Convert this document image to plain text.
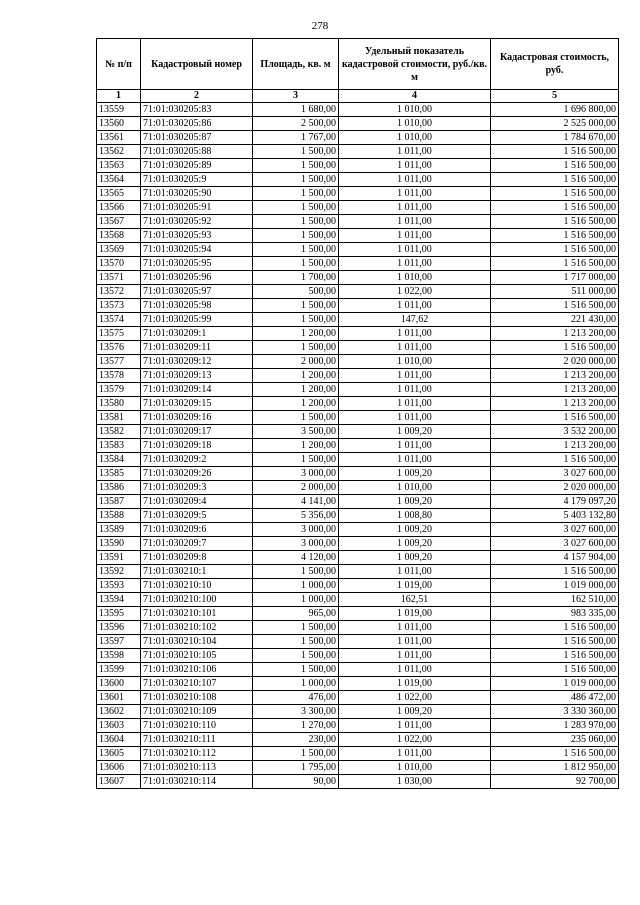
278
№ п/п	Кадастровый номер	Площадь, кв. м	Удельный показатель кадастровой стоимости, руб./кв. м	Кадастровая стоимость, руб.
1	2	3	4	5
13559	71:01:030205:83	1 680,00	1 010,00	1 696 800,00
13560	71:01:030205:86	2 500,00	1 010,00	2 525 000,00
13561	71:01:030205:87	1 767,00	1 010,00	1 784 670,00
13562	71:01:030205:88	1 500,00	1 011,00	1 516 500,00
13563	71:01:030205:89	1 500,00	1 011,00	1 516 500,00
13564	71:01:030205:9	1 500,00	1 011,00	1 516 500,00
13565	71:01:030205:90	1 500,00	1 011,00	1 516 500,00
13566	71:01:030205:91	1 500,00	1 011,00	1 516 500,00
13567	71:01:030205:92	1 500,00	1 011,00	1 516 500,00
13568	71:01:030205:93	1 500,00	1 011,00	1 516 500,00
13569	71:01:030205:94	1 500,00	1 011,00	1 516 500,00
13570	71:01:030205:95	1 500,00	1 011,00	1 516 500,00
13571	71:01:030205:96	1 700,00	1 010,00	1 717 000,00
13572	71:01:030205:97	500,00	1 022,00	511 000,00
13573	71:01:030205:98	1 500,00	1 011,00	1 516 500,00
13574	71:01:030205:99	1 500,00	147,62	221 430,00
13575	71:01:030209:1	1 200,00	1 011,00	1 213 200,00
13576	71:01:030209:11	1 500,00	1 011,00	1 516 500,00
13577	71:01:030209:12	2 000,00	1 010,00	2 020 000,00
13578	71:01:030209:13	1 200,00	1 011,00	1 213 200,00
13579	71:01:030209:14	1 200,00	1 011,00	1 213 200,00
13580	71:01:030209:15	1 200,00	1 011,00	1 213 200,00
13581	71:01:030209:16	1 500,00	1 011,00	1 516 500,00
13582	71:01:030209:17	3 500,00	1 009,20	3 532 200,00
13583	71:01:030209:18	1 200,00	1 011,00	1 213 200,00
13584	71:01:030209:2	1 500,00	1 011,00	1 516 500,00
13585	71:01:030209:26	3 000,00	1 009,20	3 027 600,00
13586	71:01:030209:3	2 000,00	1 010,00	2 020 000,00
13587	71:01:030209:4	4 141,00	1 009,20	4 179 097,20
13588	71:01:030209:5	5 356,00	1 008,80	5 403 132,80
13589	71:01:030209:6	3 000,00	1 009,20	3 027 600,00
13590	71:01:030209:7	3 000,00	1 009,20	3 027 600,00
13591	71:01:030209:8	4 120,00	1 009,20	4 157 904,00
13592	71:01:030210:1	1 500,00	1 011,00	1 516 500,00
13593	71:01:030210:10	1 000,00	1 019,00	1 019 000,00
13594	71:01:030210:100	1 000,00	162,51	162 510,00
13595	71:01:030210:101	965,00	1 019,00	983 335,00
13596	71:01:030210:102	1 500,00	1 011,00	1 516 500,00
13597	71:01:030210:104	1 500,00	1 011,00	1 516 500,00
13598	71:01:030210:105	1 500,00	1 011,00	1 516 500,00
13599	71:01:030210:106	1 500,00	1 011,00	1 516 500,00
13600	71:01:030210:107	1 000,00	1 019,00	1 019 000,00
13601	71:01:030210:108	476,00	1 022,00	486 472,00
13602	71:01:030210:109	3 300,00	1 009,20	3 330 360,00
13603	71:01:030210:110	1 270,00	1 011,00	1 283 970,00
13604	71:01:030210:111	230,00	1 022,00	235 060,00
13605	71:01:030210:112	1 500,00	1 011,00	1 516 500,00
13606	71:01:030210:113	1 795,00	1 010,00	1 812 950,00
13607	71:01:030210:114	90,00	1 030,00	92 700,00
